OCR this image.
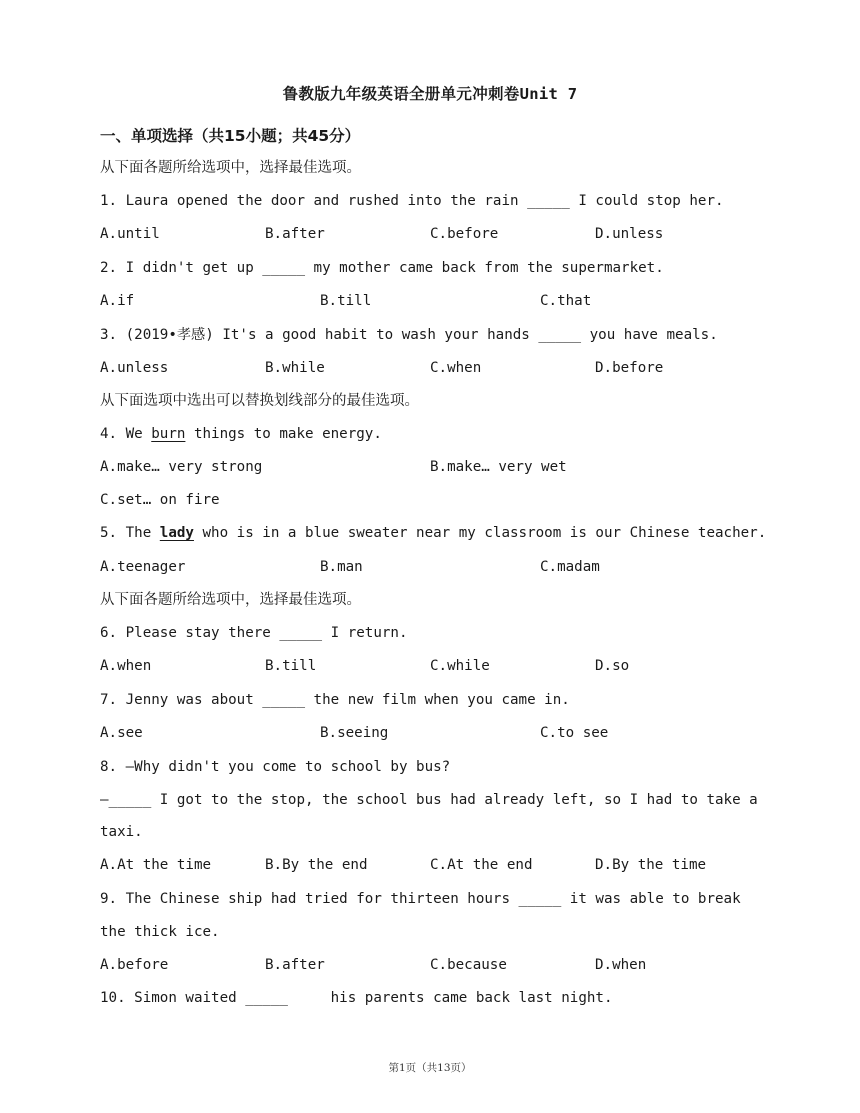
鲁教版九年级英语全册单元冲刺卷Unit 7
一、单项选择（共15小题；共45分）
从下面各题所给选项中，选择最佳选项。
1. Laura opened the door and rushed into the rain _____ I could stop her.
A.until	B.after	C.before	D.unless
2. I didn't get up _____ my mother came back from the supermarket.
A.if	B.till	C.that
3. (2019•孝感) It's a good habit to wash your hands _____ you have meals.
A.unless	B.while	C.when	D.before
从下面选项中选出可以替换划线部分的最佳选项。
4. We burn things to make energy.
A.make… very strong	B.make… very wet
C.set… on fire
5. The lady who is in a blue sweater near my classroom is our Chinese teacher.
A.teenager	B.man	C.madam
从下面各题所给选项中，选择最佳选项。
6. Please stay there _____ I return.
A.when	B.till	C.while	D.so
7. Jenny was about _____ the new film when you came in.
A.see	B.seeing	C.to see
8. —Why didn't you come to school by bus?
—_____ I got to the stop, the school bus had already left, so I had to take a
taxi.
A.At the time	B.By the end	C.At the end	D.By the time
9. The Chinese ship had tried for thirteen hours _____ it was able to break
the thick ice.
A.before	B.after	C.because	D.when
10. Simon waited _____     his parents came back last night.
第1页（共13页）
